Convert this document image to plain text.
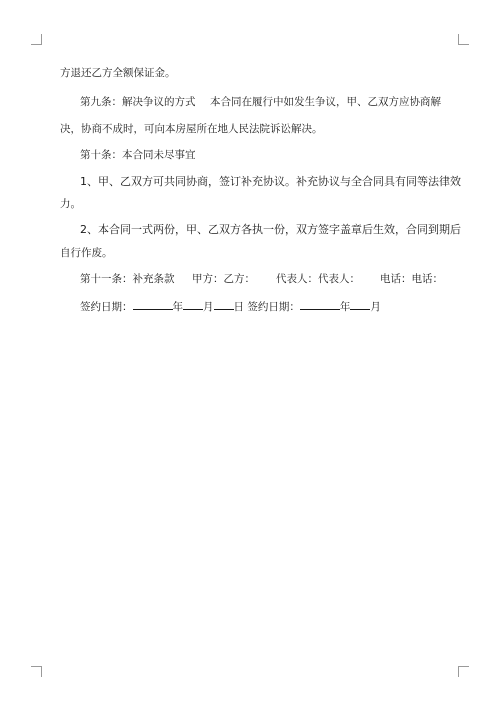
方退还乙方全额保证金。
第九条：解决争议的方式 本合同在履行中如发生争议，甲、乙双方应协商解
决，协商不成时，可向本房屋所在地人民法院诉讼解决。
第十条：本合同未尽事宜
1、甲、乙双方可共同协商，签订补充协议。补充协议与全合同具有同等法律效
力。
2、本合同一式两份，甲、乙双方各执一份，双方签字盖章后生效，合同到期后
自行作废。
第十一条：补充条款 甲方：乙方： 代表人：代表人： 电话：电话：
签约日期：	年 月 日 签约日期：	年 月
